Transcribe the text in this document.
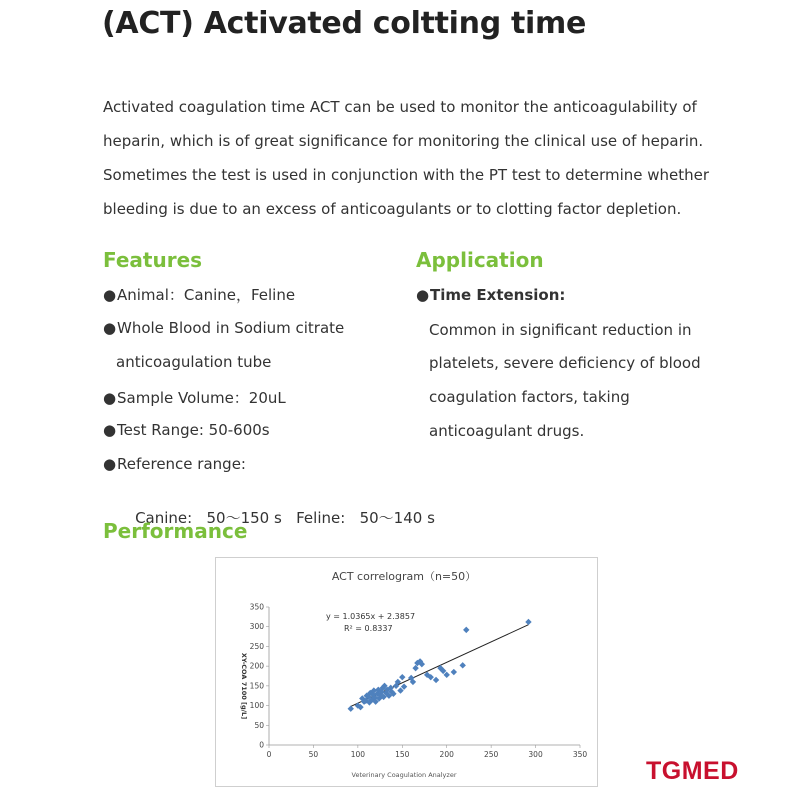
(ACT) Activated coltting time
Activated coagulation time ACT can be used to monitor the anticoagulability of
heparin, which is of great significance for monitoring the clinical use of heparin.
Sometimes the test is used in conjunction with the PT test to determine whether
bleeding is due to an excess of anticoagulants or to clotting factor depletion.
Features	Application
●Animal：Canine，Feline
●Whole Blood in Sodium citrate
anticoagulation tube
●Sample Volume：20uL
●Test Range: 50-600s
●Reference range:

Canine:   50～150 s   Feline:   50～140 s

●Time Extension:
Common in significant reduction in
platelets, severe deficiency of blood
coagulation factors, taking
anticoagulant drugs.
Performance
ACT correlogram（n=50）
y = 1.0365x + 2.3857
R² = 0.8337
Veterinary Coagulation Analyzer
XY-COA 7100 [g/L]
0	50	100	150	200	250	300	350
0
50
100
150
200
250
300
350
TGMED
